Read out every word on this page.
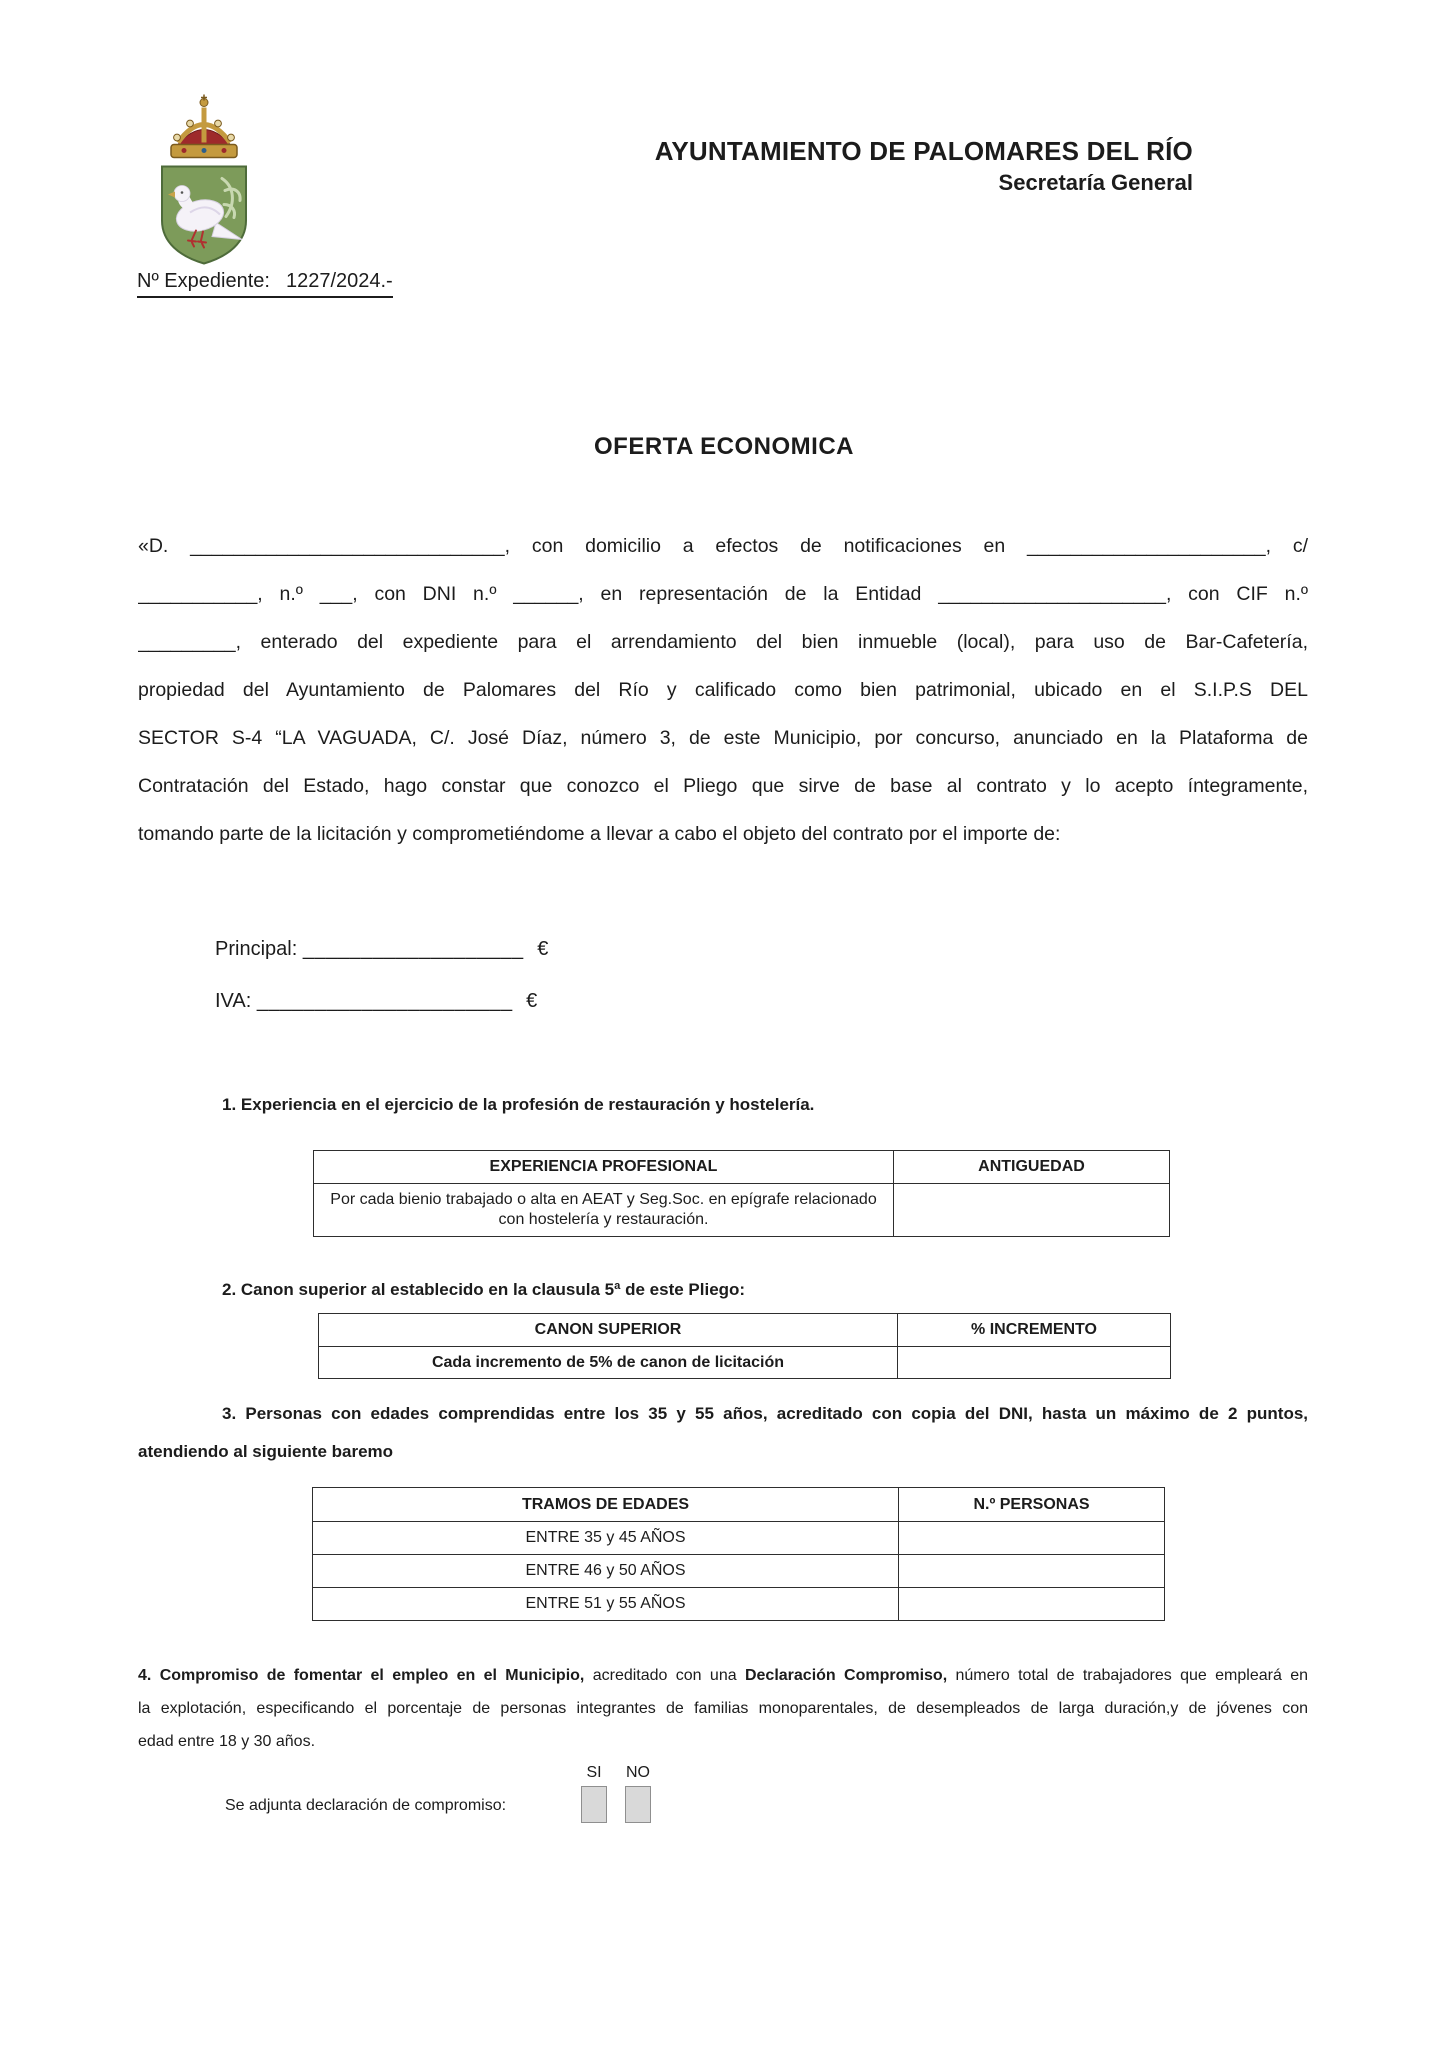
AYUNTAMIENTO DE PALOMARES DEL RÍO
Secretaría General
Nº Expediente: 1227/2024.-
OFERTA ECONOMICA
«D. _____________________________, con domicilio a efectos de notificaciones en ______________________, c/
___________, n.º ___, con DNI n.º ______, en representación de la Entidad _____________________, con CIF n.º
_________, enterado del expediente para el arrendamiento del bien inmueble (local), para uso de Bar-Cafetería,
propiedad del Ayuntamiento de Palomares del Río y calificado como bien patrimonial, ubicado en el S.I.P.S DEL
SECTOR S-4 “LA VAGUADA, C/. José Díaz, número 3, de este Municipio, por concurso, anunciado en la Plataforma de
Contratación del Estado, hago constar que conozco el Pliego que sirve de base al contrato y lo acepto íntegramente,
tomando parte de la licitación y comprometiéndome a llevar a cabo el objeto del contrato por el importe de:
Principal: ___________________ €
IVA: ______________________ €
1. Experiencia en el ejercicio de la profesión de restauración y hostelería.
EXPERIENCIA PROFESIONAL	ANTIGUEDAD
Por cada bienio trabajado o alta en AEAT y Seg.Soc. en epígrafe relacionado con hostelería y restauración.	
2. Canon superior al establecido en la clausula 5ª de este Pliego:
CANON SUPERIOR	% INCREMENTO
Cada incremento de 5% de canon de licitación	
3. Personas con edades comprendidas entre los 35 y 55 años, acreditado con copia del DNI, hasta un máximo de 2 puntos,
atendiendo al siguiente baremo
TRAMOS DE EDADES	N.º PERSONAS
ENTRE 35 y 45 AÑOS	
ENTRE 46 y 50 AÑOS	
ENTRE 51 y 55 AÑOS	
4. Compromiso de fomentar el empleo en el Municipio, acreditado con una Declaración Compromiso, número total de trabajadores que empleará en
la explotación, especificando el porcentaje de personas integrantes de familias monoparentales, de desempleados de larga duración,y de jóvenes con
edad entre 18 y 30 años.
SI	NO
Se adjunta declaración de compromiso:
